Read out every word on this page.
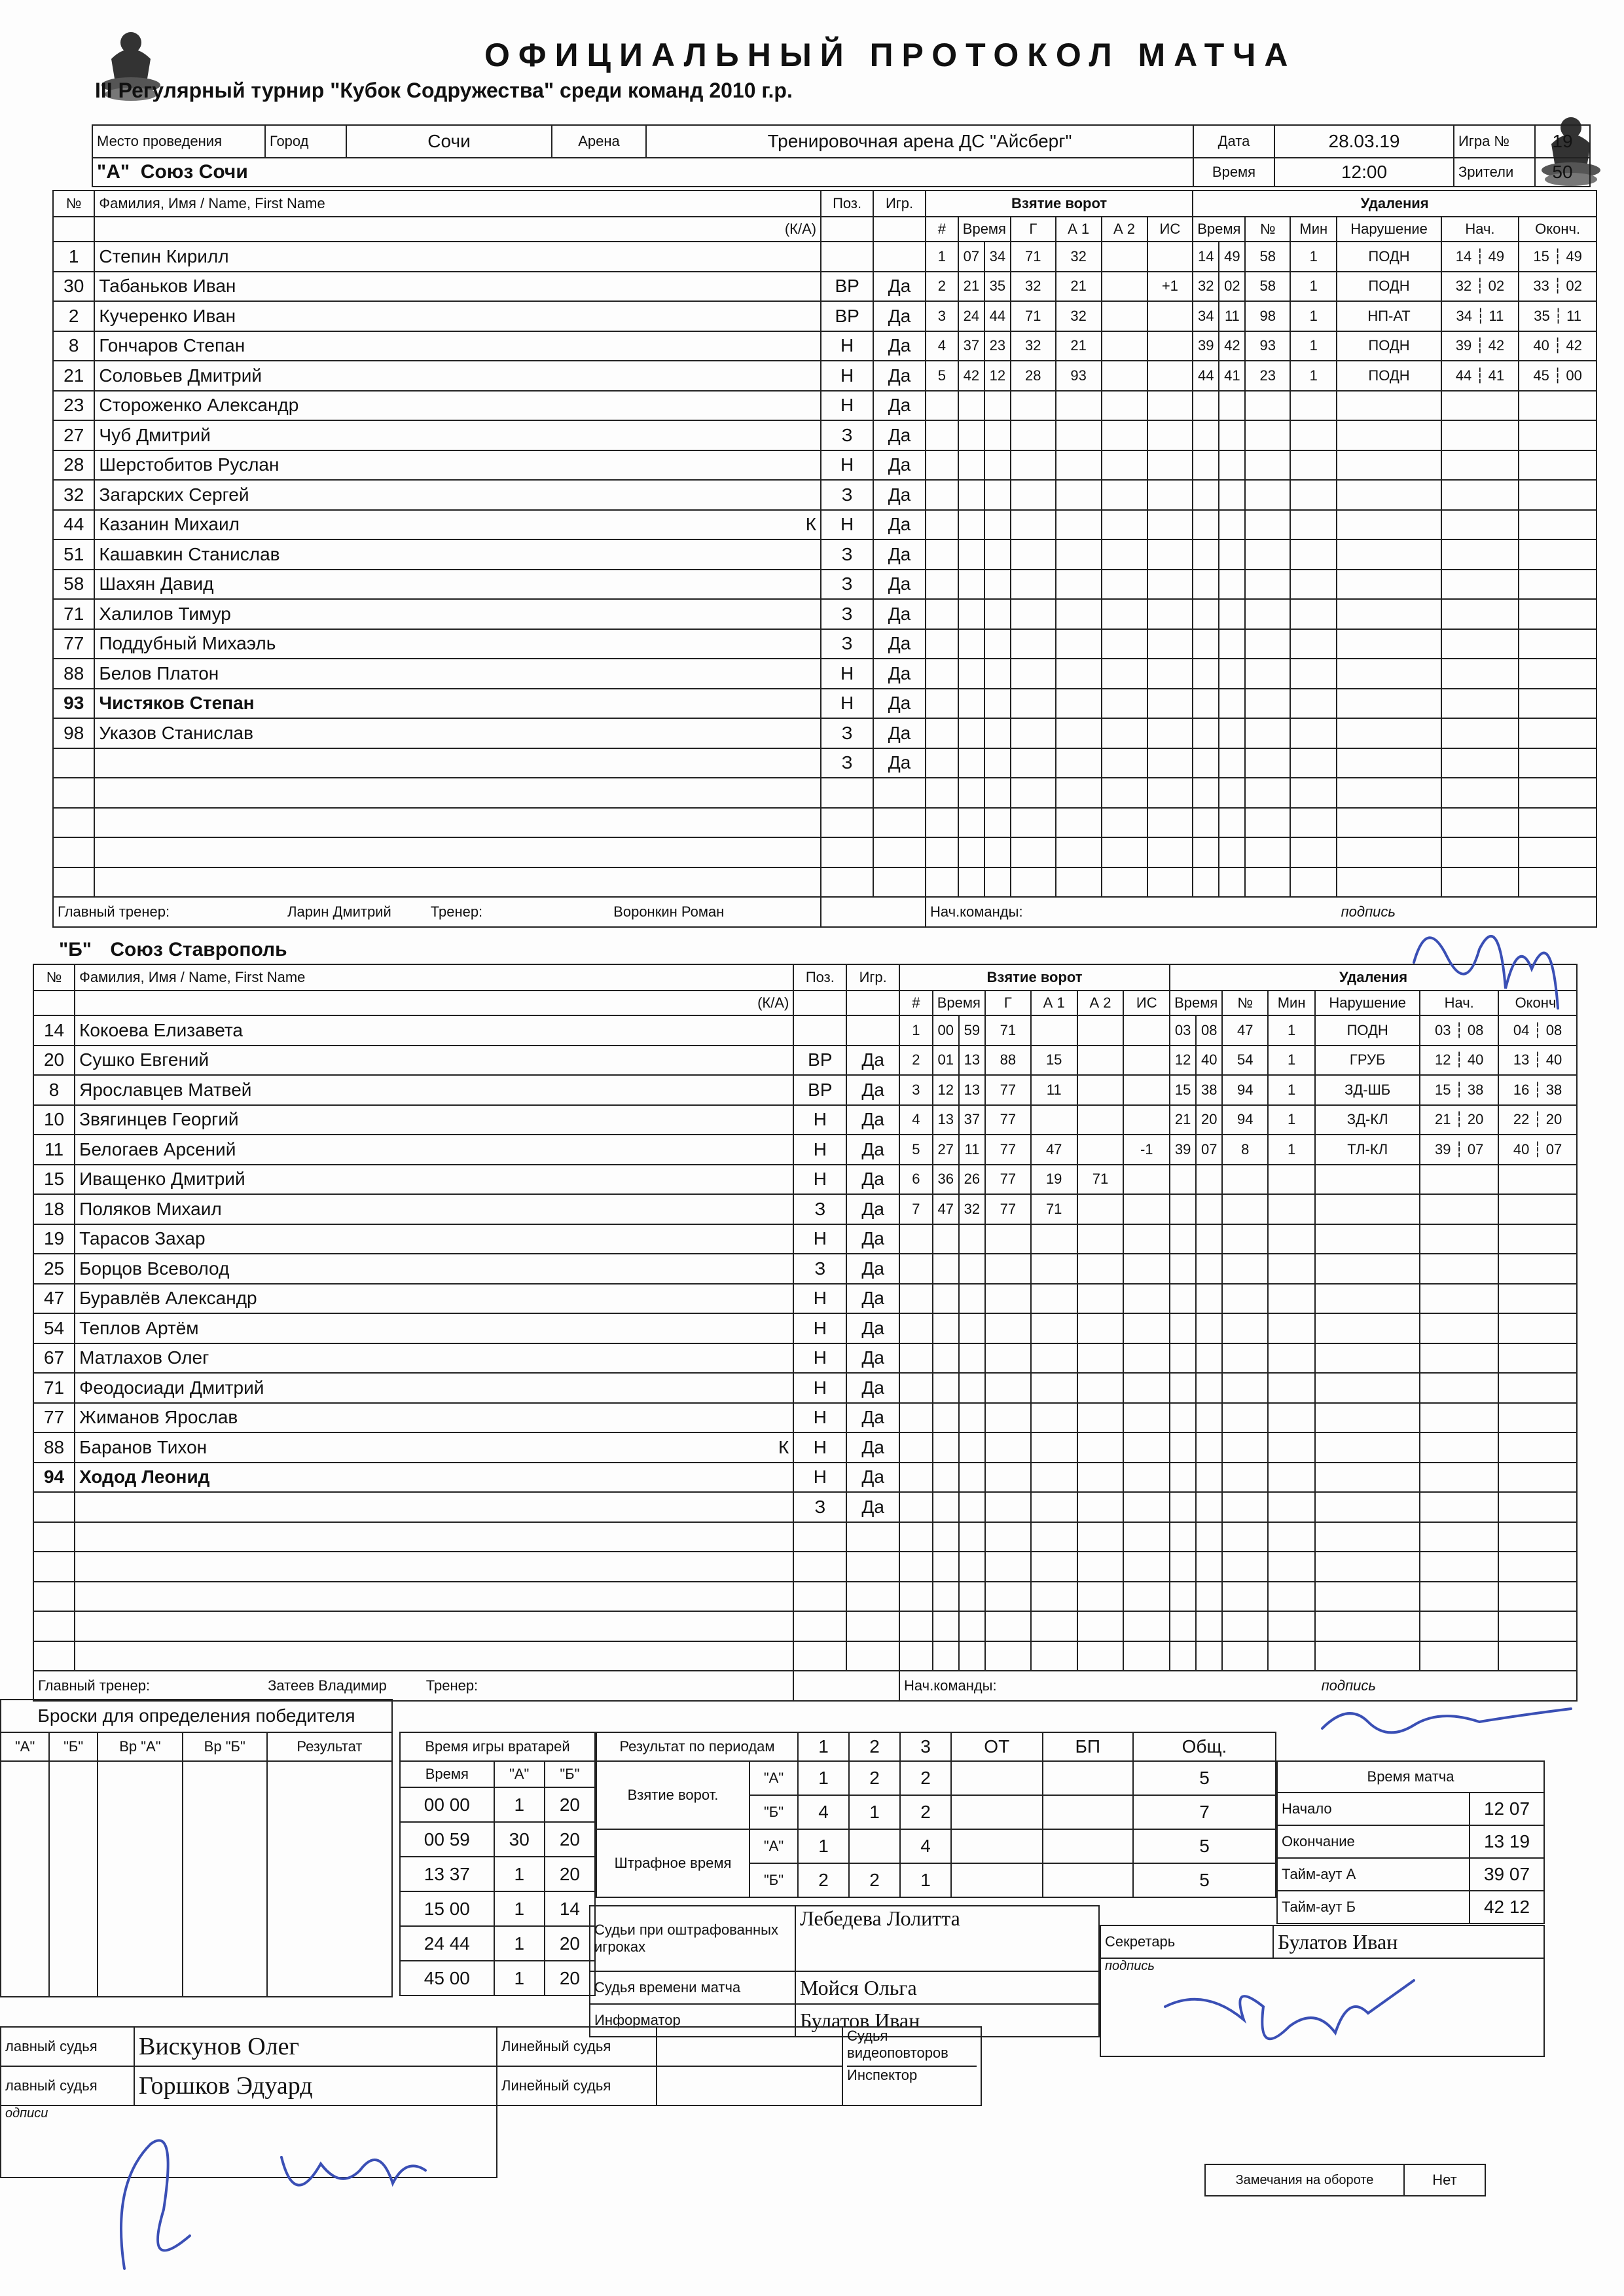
ОФИЦИАЛЬНЫЙ ПРОТОКОЛ МАТЧА
III Регулярный турнир "Кубок Содружества" среди команд 2010 г.р.
Место проведения	Город	Сочи	Арена	Тренировочная арена ДС "Айсберг"	Дата	28.03.19	Игра №	19
"А" Союз Сочи					Время	12:00	Зрители	50
№	Фамилия, Имя / Name, First Name	Поз.	Игр.	Взятие ворот							Удаления						
	(К/А)			#	Время		Г	А 1	А 2	ИС	Время		№	Мин	Нарушение	Нач.	Оконч.
1	Степин Кирилл			1	07	34	71	32			14	49	58	1	ПОДН	14 ┆ 49	15 ┆ 49
30	Табаньков Иван	ВР	Да	2	21	35	32	21		+1	32	02	58	1	ПОДН	32 ┆ 02	33 ┆ 02
2	Кучеренко Иван	ВР	Да	3	24	44	71	32			34	11	98	1	НП-АТ	34 ┆ 11	35 ┆ 11
8	Гончаров Степан	Н	Да	4	37	23	32	21			39	42	93	1	ПОДН	39 ┆ 42	40 ┆ 42
21	Соловьев Дмитрий	Н	Да	5	42	12	28	93			44	41	23	1	ПОДН	44 ┆ 41	45 ┆ 00
23	Стороженко Александр	Н	Да														
27	Чуб Дмитрий	З	Да														
28	Шерстобитов Руслан	Н	Да														
32	Загарских Сергей	З	Да														
44	Казанин Михаил К	Н	Да														
51	Кашавкин Станислав	З	Да														
58	Шахян Давид	З	Да														
71	Халилов Тимур	З	Да														
77	Поддубный Михаэль	З	Да														
88	Белов Платон	Н	Да														
93	Чистяков Степан	Н	Да														
98	Указов Станислав	З	Да														
		З	Да														

Главный тренер: Ларин Дмитрий Тренер: Воронкин Роман				Нач.команды: подпись													
"Б" Союз Ставрополь
№	Фамилия, Имя / Name, First Name	Поз.	Игр.	Взятие ворот							Удаления						
	(К/А)			#	Время		Г	А 1	А 2	ИС	Время		№	Мин	Нарушение	Нач.	Оконч.
14	Кокоева Елизавета			1	00	59	71				03	08	47	1	ПОДН	03 ┆ 08	04 ┆ 08
20	Сушко Евгений	ВР	Да	2	01	13	88	15			12	40	54	1	ГРУБ	12 ┆ 40	13 ┆ 40
8	Ярославцев Матвей	ВР	Да	3	12	13	77	11			15	38	94	1	ЗД-ШБ	15 ┆ 38	16 ┆ 38
10	Звягинцев Георгий	Н	Да	4	13	37	77				21	20	94	1	ЗД-КЛ	21 ┆ 20	22 ┆ 20
11	Белогаев Арсений	Н	Да	5	27	11	77	47		-1	39	07	8	1	ТЛ-КЛ	39 ┆ 07	40 ┆ 07
15	Иващенко Дмитрий	Н	Да	6	36	26	77	19	71								
18	Поляков Михаил	З	Да	7	47	32	77	71									
19	Тарасов Захар	Н	Да														
25	Борцов Всеволод	З	Да														
47	Буравлёв Александр	Н	Да														
54	Теплов Артём	Н	Да														
67	Матлахов Олег	Н	Да														
71	Феодосиади Дмитрий	Н	Да														
77	Жиманов Ярослав	Н	Да														
88	Баранов Тихон К	Н	Да														
94	Ходод Леонид	Н	Да														
		З	Да														

Главный тренер: Затеев Владимир Тренер:				Нач.команды: подпись													
Броски для определения победителя				
"А"	"Б"	Вр "А"	Вр "Б"	Результат
					Время игры вратарей		
Время	"А"	"Б"
00 00	1	20
00 59	30	20
13 37	1	20
15 00	1	14
24 44	1	20
45 00	1	20
Результат по периодам		1	2	3	ОТ	БП	Общ.
Взятие ворот.	"А"	1	2	2			5
	"Б"	4	1	2			7
Штрафное время	"А"	1		4			5
	"Б"	2	2	1			5
Время матча	
Начало	12 07
Окончание	13 19
Тайм-аут А	39 07
Тайм-аут Б	42 12
Судьи при оштрафованных игроках	Лебедева Лолитта
Судья времени матча	Мойся Ольга
Информатор	Булатов Иван
Секретарь	Булатов Иван
подпись
лавный судья	Вискунов Олег	Линейный судья		Судья видеоповторов
Инспектор

лавный судья	Горшков Эдуард	Линейный судья		
одписи				
Замечания на обороте	Нет
